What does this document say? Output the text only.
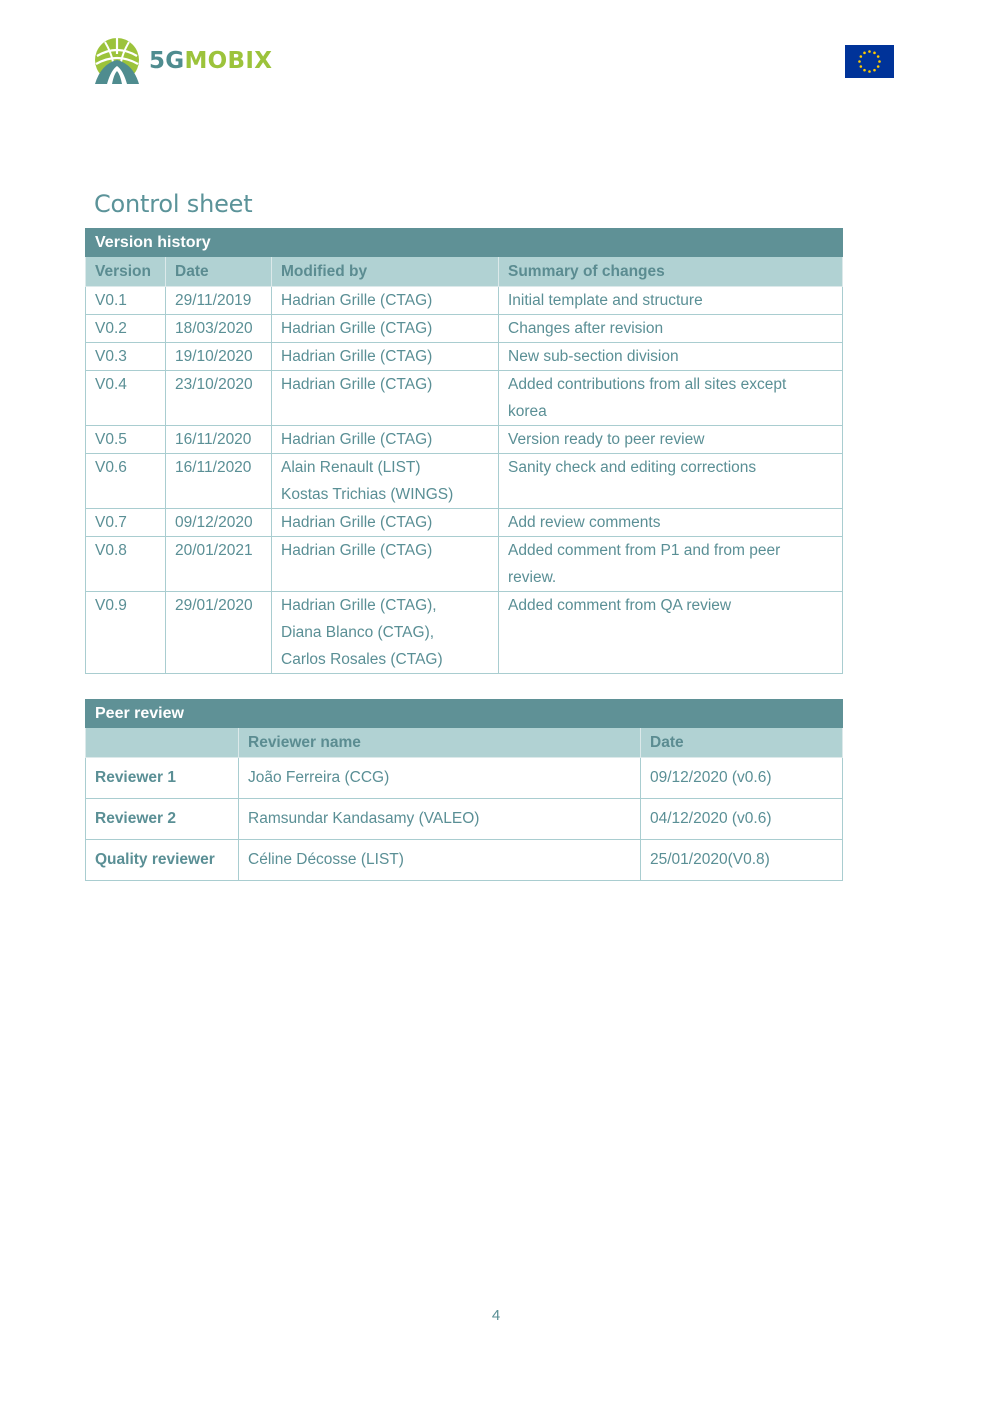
5GMOBIX
Control sheet
Version history			
Version	Date	Modified by	Summary of changes
V0.1	29/11/2019	Hadrian Grille (CTAG)	Initial template and structure

V0.2	18/03/2020	Hadrian Grille (CTAG)	Changes after revision

V0.3	19/10/2020	Hadrian Grille (CTAG)	New sub-section division

V0.4	23/10/2020	Hadrian Grille (CTAG)	Added contributions from all sites except
korea

V0.5	16/11/2020	Hadrian Grille (CTAG)	Version ready to peer review

V0.6	16/11/2020	Alain Renault (LIST)
Kostas Trichias (WINGS)	Sanity check and editing corrections

V0.7	09/12/2020	Hadrian Grille (CTAG)	Add review comments

V0.8	20/01/2021	Hadrian Grille (CTAG)	Added comment from P1 and from peer
review.

V0.9	29/01/2020	Hadrian Grille (CTAG),
Diana Blanco (CTAG),
Carlos Rosales (CTAG)	Added comment from QA review
Peer review		
	Reviewer name	Date
Reviewer 1	João Ferreira (CCG)	09/12/2020 (v0.6)
Reviewer 2	Ramsundar Kandasamy (VALEO)	04/12/2020 (v0.6)
Quality reviewer	Céline Décosse (LIST)	25/01/2020(V0.8)
4
